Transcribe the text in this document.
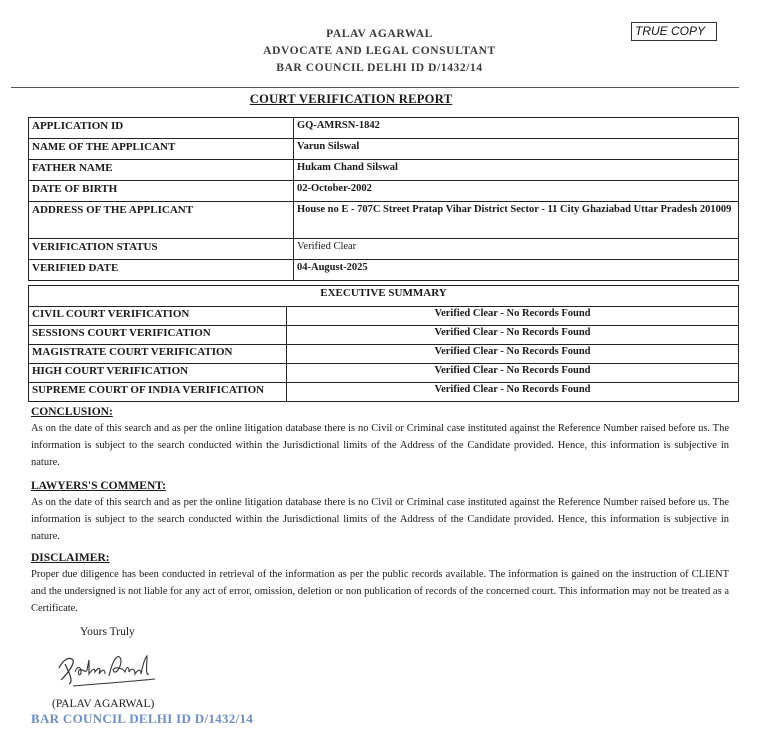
PALAV AGARWAL
ADVOCATE AND LEGAL CONSULTANT
BAR COUNCIL DELHI ID D/1432/14
TRUE COPY
COURT VERIFICATION REPORT
APPLICATION ID	GQ-AMRSN-1842
NAME OF THE APPLICANT	Varun Silswal
FATHER NAME	Hukam Chand Silswal
DATE OF BIRTH	02-October-2002
ADDRESS OF THE APPLICANT	House no E - 707C Street Pratap Vihar District Sector - 11 City Ghaziabad Uttar Pradesh 201009
VERIFICATION STATUS	Verified Clear
VERIFIED DATE	04-August-2025
EXECUTIVE SUMMARY	
CIVIL COURT VERIFICATION	Verified Clear - No Records Found
SESSIONS COURT VERIFICATION	Verified Clear - No Records Found
MAGISTRATE COURT VERIFICATION	Verified Clear - No Records Found
HIGH COURT VERIFICATION	Verified Clear - No Records Found
SUPREME COURT OF INDIA VERIFICATION	Verified Clear - No Records Found
CONCLUSION:
As on the date of this search and as per the online litigation database there is no Civil or Criminal case instituted against the Reference Number raised before us. The information is subject to the search conducted within the Jurisdictional limits of the Address of the Candidate provided. Hence, this information is subjective in nature.
LAWYERS'S COMMENT:
As on the date of this search and as per the online litigation database there is no Civil or Criminal case instituted against the Reference Number raised before us. The information is subject to the search conducted within the Jurisdictional limits of the Address of the Candidate provided. Hence, this information is subjective in nature.
DISCLAIMER:
Proper due diligence has been conducted in retrieval of the information as per the public records available. The information is gained on the instruction of CLIENT and the undersigned is not liable for any act of error, omission, deletion or non publication of records of the concerned court. This information may not be treated as a Certificate.
Yours Truly
(PALAV AGARWAL)
BAR COUNCIL DELHI ID D/1432/14
